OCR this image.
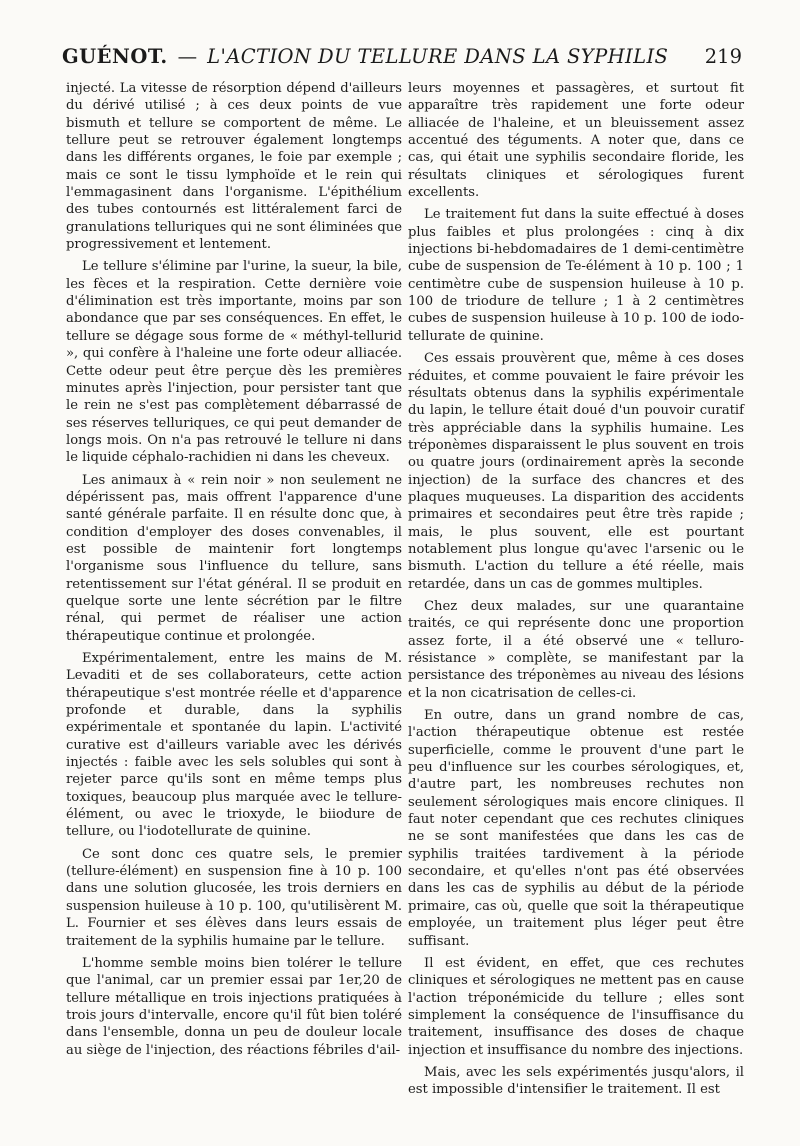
GUÉNOT. — L'ACTION DU TELLURE DANS LA SYPHILIS 219

injecté. La vitesse de résorption dépend d'ailleurs du dérivé utilisé ; à ces deux points de vue bismuth et tellure se comportent de même. Le tellure peut se retrouver également longtemps dans les différents organes, le foie par exemple ; mais ce sont le tissu lymphoïde et le rein qui l'emmagasinent dans l'organisme. L'épithélium des tubes contournés est littéralement farci de granulations telluriques qui ne sont éliminées que progressivement et lentement.

Le tellure s'élimine par l'urine, la sueur, la bile, les fèces et la respiration. Cette dernière voie d'élimination est très importante, moins par son abondance que par ses conséquences. En effet, le tellure se dégage sous forme de « méthyl-tellurid », qui confère à l'haleine une forte odeur alliacée. Cette odeur peut être perçue dès les premières minutes après l'injection, pour persister tant que le rein ne s'est pas complètement débarrassé de ses réserves telluriques, ce qui peut demander de longs mois. On n'a pas retrouvé le tellure ni dans le liquide céphalo-rachidien ni dans les cheveux.

Les animaux à « rein noir » non seulement ne dépérissent pas, mais offrent l'apparence d'une santé générale parfaite. Il en résulte donc que, à condition d'employer des doses convenables, il est possible de maintenir fort longtemps l'organisme sous l'influence du tellure, sans retentissement sur l'état général. Il se produit en quelque sorte une lente sécrétion par le filtre rénal, qui permet de réaliser une action thérapeutique continue et prolongée.

Expérimentalement, entre les mains de M. Levaditi et de ses collaborateurs, cette action thérapeutique s'est montrée réelle et d'apparence profonde et durable, dans la syphilis expérimentale et spontanée du lapin. L'activité curative est d'ailleurs variable avec les dérivés injectés : faible avec les sels solubles qui sont à rejeter parce qu'ils sont en même temps plus toxiques, beaucoup plus marquée avec le tellure-élément, ou avec le trioxyde, le biiodure de tellure, ou l'iodotellurate de quinine.

Ce sont donc ces quatre sels, le premier (tellure-élément) en suspension fine à 10 p. 100 dans une solution glucosée, les trois derniers en suspension huileuse à 10 p. 100, qu'utilisèrent M. L. Fournier et ses élèves dans leurs essais de traitement de la syphilis humaine par le tellure.

L'homme semble moins bien tolérer le tellure que l'animal, car un premier essai par 1er,20 de tellure métallique en trois injections pratiquées à trois jours d'intervalle, encore qu'il fût bien toléré dans l'ensemble, donna un peu de douleur locale au siège de l'injection, des réactions fébriles d'ail-

leurs moyennes et passagères, et surtout fit apparaître très rapidement une forte odeur alliacée de l'haleine, et un bleuissement assez accentué des téguments. A noter que, dans ce cas, qui était une syphilis secondaire floride, les résultats cliniques et sérologiques furent excellents.

Le traitement fut dans la suite effectué à doses plus faibles et plus prolongées : cinq à dix injections bi-hebdomadaires de 1 demi-centimètre cube de suspension de Te-élément à 10 p. 100 ; 1 centimètre cube de suspension huileuse à 10 p. 100 de triodure de tellure ; 1 à 2 centimètres cubes de suspension huileuse à 10 p. 100 de iodo-tellurate de quinine.

Ces essais prouvèrent que, même à ces doses réduites, et comme pouvaient le faire prévoir les résultats obtenus dans la syphilis expérimentale du lapin, le tellure était doué d'un pouvoir curatif très appréciable dans la syphilis humaine. Les tréponèmes disparaissent le plus souvent en trois ou quatre jours (ordinairement après la seconde injection) de la surface des chancres et des plaques muqueuses. La disparition des accidents primaires et secondaires peut être très rapide ; mais, le plus souvent, elle est pourtant notablement plus longue qu'avec l'arsenic ou le bismuth. L'action du tellure a été réelle, mais retardée, dans un cas de gommes multiples.

Chez deux malades, sur une quarantaine traités, ce qui représente donc une proportion assez forte, il a été observé une « telluro-résistance » complète, se manifestant par la persistance des tréponèmes au niveau des lésions et la non cicatrisation de celles-ci.

En outre, dans un grand nombre de cas, l'action thérapeutique obtenue est restée superficielle, comme le prouvent d'une part le peu d'influence sur les courbes sérologiques, et, d'autre part, les nombreuses rechutes non seulement sérologiques mais encore cliniques. Il faut noter cependant que ces rechutes cliniques ne se sont manifestées que dans les cas de syphilis traitées tardivement à la période secondaire, et qu'elles n'ont pas été observées dans les cas de syphilis au début de la période primaire, cas où, quelle que soit la thérapeutique employée, un traitement plus léger peut être suffisant.

Il est évident, en effet, que ces rechutes cliniques et sérologiques ne mettent pas en cause l'action tréponémicide du tellure ; elles sont simplement la conséquence de l'insuffisance du traitement, insuffisance des doses de chaque injection et insuffisance du nombre des injections.

Mais, avec les sels expérimentés jusqu'alors, il est impossible d'intensifier le traitement. Il est
